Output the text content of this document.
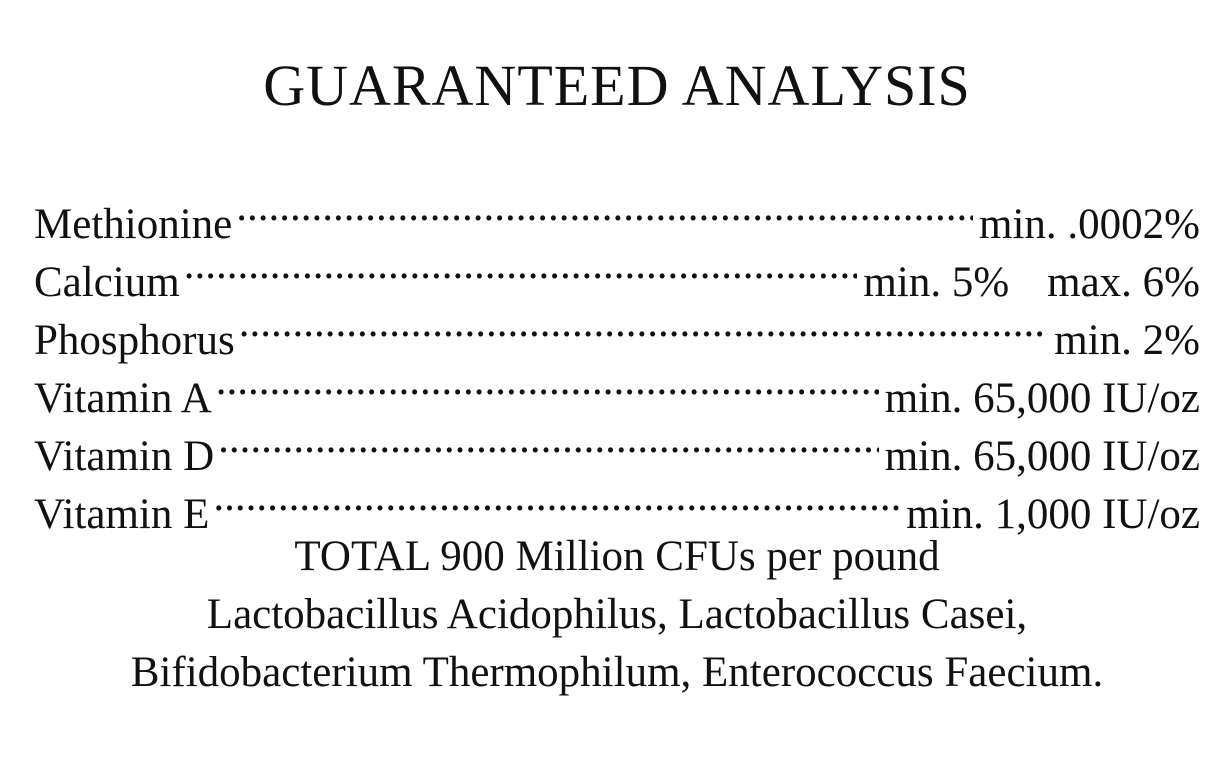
GUARANTEED ANALYSIS
Methionine .....	min. .0002%
Calcium .....	min. 5% max. 6%
Phosphorus .....	min. 2%
Vitamin A .....	min. 65,000 IU/oz
Vitamin D .....	min. 65,000 IU/oz
Vitamin E .....	min. 1,000 IU/oz
TOTAL 900 Million CFUs per pound
Lactobacillus Acidophilus, Lactobacillus Casei,
Bifidobacterium Thermophilum, Enterococcus Faecium.
